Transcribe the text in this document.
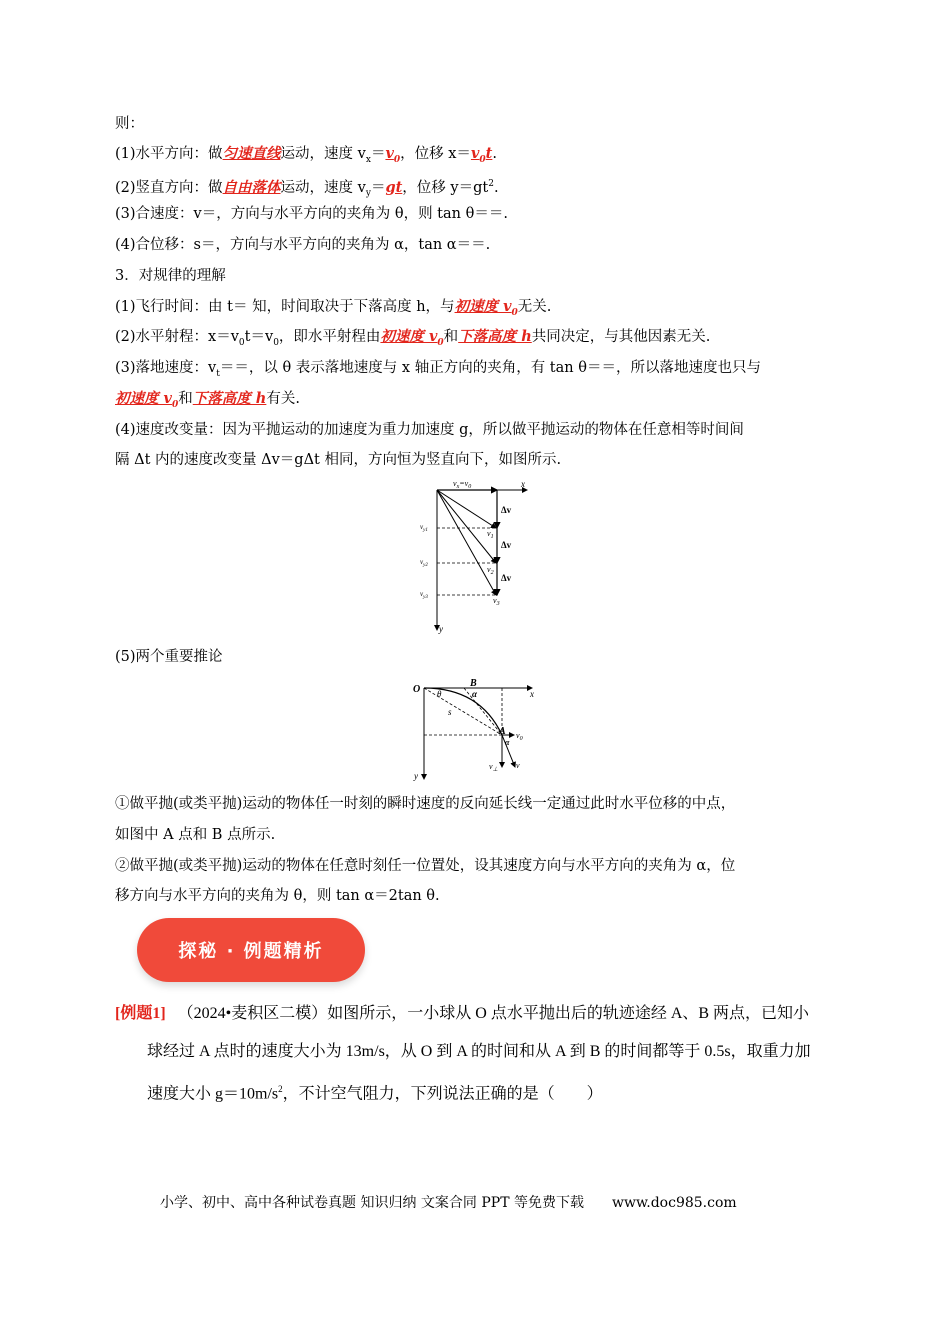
则：
(1)水平方向：做匀速直线运动，速度 $v_x=v_0$，位移 $x=v_0t$.
(2)竖直方向：做自由落体运动，速度 $v_y=gt$，位移 $y=gt^2$.
(3)合速度：v＝，方向与水平方向的夹角为 θ，则 tan θ＝＝.
(4)合位移：s＝，方向与水平方向的夹角为 α，tan α＝＝.
3．对规律的理解
(1)飞行时间：由 t＝ 知，时间取决于下落高度 h，与初速度 $v_0$无关.
(2)水平射程：$x=v_0t=v_0$，即水平射程由初速度 $v_0$和下落高度 h共同决定，与其他因素无关.
(3)落地速度：$v_t==$，以 θ 表示落地速度与 x 轴正方向的夹角，有 tan θ＝＝，所以落地速度也只与
初速度 $v_0$和下落高度 h有关.
(4)速度改变量：因为平抛运动的加速度为重力加速度 g，所以做平抛运动的物体在任意相等时间间
隔 Δt 内的速度改变量 Δv＝gΔt 相同，方向恒为竖直向下，如图所示.
$v_x=v_0$	x
y
Δv
Δv
Δv
$v_1$
$v_2$
$v_3$
$v_{y1}$
$v_{y2}$
$v_{y3}$
(5)两个重要推论
O
B
A
x
y
θ	α
α
s
$v_0$
v
$v_\perp$
①做平抛(或类平抛)运动的物体任一时刻的瞬时速度的反向延长线一定通过此时水平位移的中点，
如图中 A 点和 B 点所示.
②做平抛(或类平抛)运动的物体在任意时刻任一位置处，设其速度方向与水平方向的夹角为 α，位
移方向与水平方向的夹角为 θ，则 tan α＝2tan θ.
探秘 · 例题精析
[例题1] （2024•麦积区二模）如图所示，一小球从 O 点水平抛出后的轨迹途经 A、B 两点，已知小
球经过 A 点时的速度大小为 13m/s，从 O 到 A 的时间和从 A 到 B 的时间都等于 0.5s，取重力加
速度大小 $g=10m/s^2$，不计空气阻力，下列说法正确的是（　　）
小学、初中、高中各种试卷真题 知识归纳 文案合同 PPT 等免费下载　　www.doc985.com
